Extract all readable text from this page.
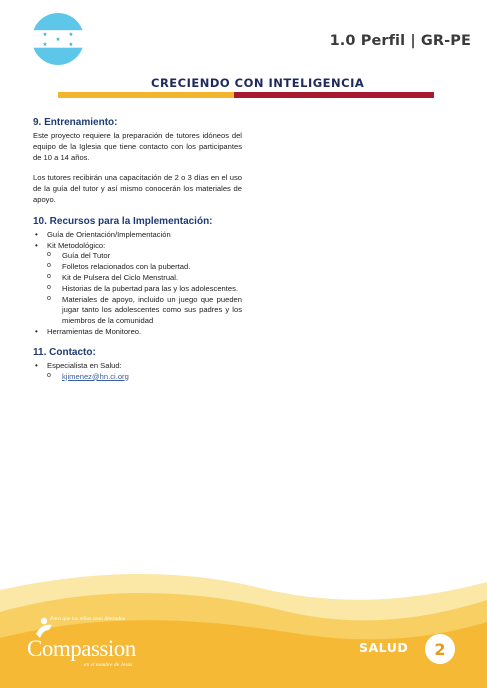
★	★
★
★	★	1.0 Perfil | GR-PE
CRECIENDO CON INTELIGENCIA
9. Entrenamiento:

Este proyecto requiere la preparación de tutores idóneos del equipo de la Iglesia que tiene contacto con los participantes de 10 a 14 años.

Los tutores recibirán una capacitación de 2 o 3 días en el uso de la guía del tutor y así mismo conocerán los materiales de apoyo.

10. Recursos para la Implementación:
• Guía de Orientación/Implementación
• Kit Metodológico:
o Guía del Tutor
o Folletos relacionados con la pubertad.
o Kit de Pulsera del Ciclo Menstrual.
o Historias de la pubertad para las y los adolescentes.
o Materiales de apoyo, incluido un juego que pueden jugar tanto los adolescentes como sus padres y los miembros de la comunidad
• Herramientas de Monitoreo.
11. Contacto:
• Especialista en Salud:
o kjimenez@hn.ci.org
Para que los niños sean liberados
Compassion
en el nombre de Jesús
SALUD	2
